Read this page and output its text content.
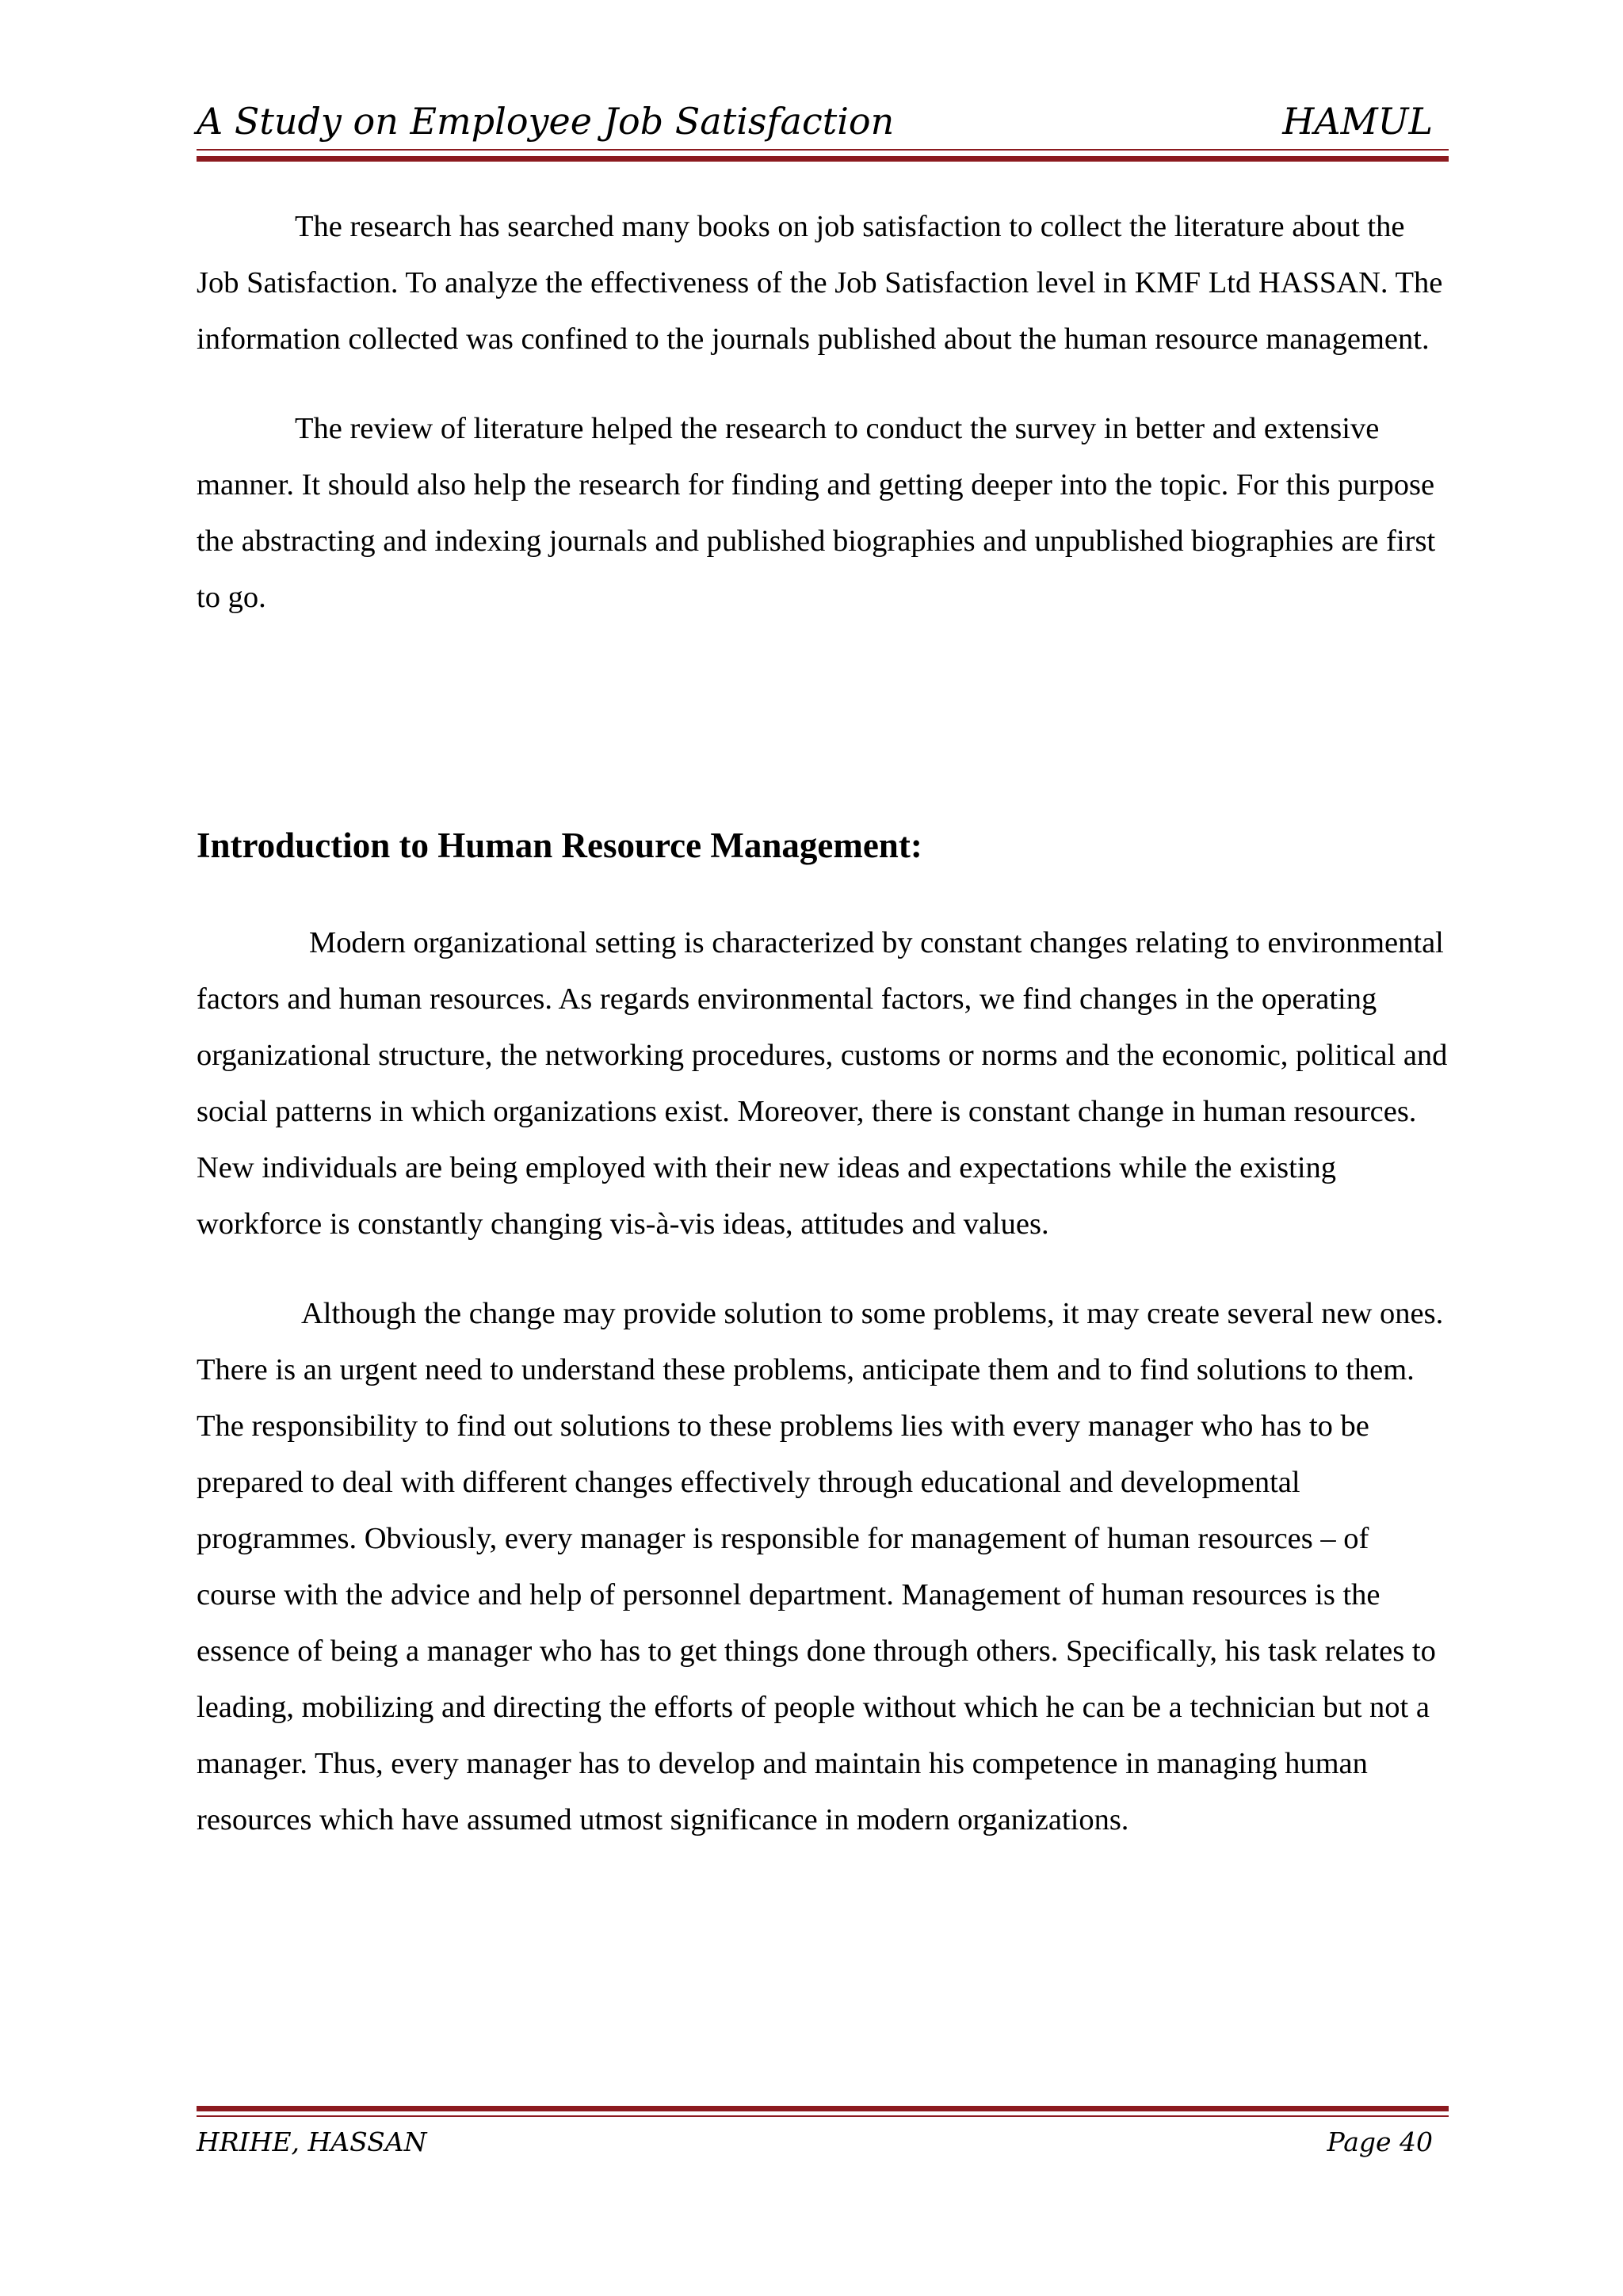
A Study on Employee Job Satisfaction	HAMUL

The research has searched many books on job satisfaction to collect the literature about the Job Satisfaction. To analyze the effectiveness of the Job Satisfaction level in KMF Ltd HASSAN. The information collected was confined to the journals published about the human resource management.

The review of literature helped the research to conduct the survey in better and extensive manner. It should also help the research for finding and getting deeper into the topic. For this purpose the abstracting and indexing journals and published biographies and unpublished biographies are first to go.

Introduction to Human Resource Management:

Modern organizational setting is characterized by constant changes relating to environmental factors and human resources. As regards environmental factors, we find changes in the operating organizational structure, the networking procedures, customs or norms and the economic, political and social patterns in which organizations exist. Moreover, there is constant change in human resources. New individuals are being employed with their new ideas and expectations while the existing workforce is constantly changing vis-à-vis ideas, attitudes and values.

Although the change may provide solution to some problems, it may create several new ones. There is an urgent need to understand these problems, anticipate them and to find solutions to them. The responsibility to find out solutions to these problems lies with every manager who has to be prepared to deal with different changes effectively through educational and developmental programmes. Obviously, every manager is responsible for management of human resources – of course with the advice and help of personnel department. Management of human resources is the essence of being a manager who has to get things done through others. Specifically, his task relates to leading, mobilizing and directing the efforts of people without which he can be a technician but not a manager. Thus, every manager has to develop and maintain his competence in managing human resources which have assumed utmost significance in modern organizations.

HRIHE, HASSAN	Page 40
